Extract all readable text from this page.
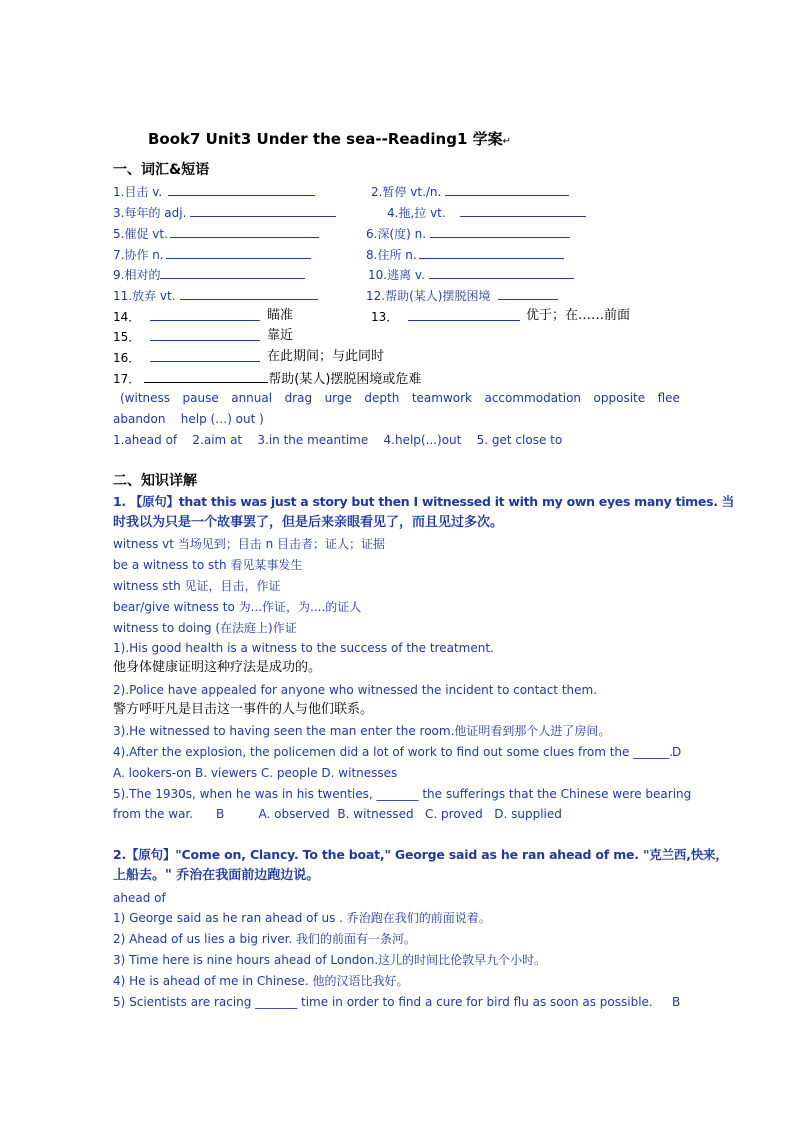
Book7 Unit3 Under the sea--Reading1 学案↵
一、词汇&短语
1.目击 v.	2.暂停 vt./n.
3.每年的 adj.	4.拖,拉 vt.
5.催促 vt.	6.深(度) n.
7.协作 n.	8.住所 n.
9.相对的	10.逃离 v.
11.放弃 vt.	12.帮助(某人)摆脱困境
14．	瞄准	13．	优于；在……前面
15．	靠近
16．	在此期间；与此同时
17．	帮助(某人)摆脱困境或危难
(witness pause annual drag urge depth teamwork accommodation opposite flee
abandon    help (…) out )
1.ahead of 2.aim at 3.in the meantime 4.help(...)out 5. get close to
二、知识详解
1. 【原句】that this was just a story but then I witnessed it with my own eyes many times. 当
时我以为只是一个故事罢了，但是后来亲眼看见了，而且见过多次。
witness vt 当场见到；目击 n 目击者；证人；证据
be a witness to sth 看见某事发生
witness sth 见证，目击，作证
bear/give witness to 为...作证，为....的证人
witness to doing (在法庭上)作证
1).His good health is a witness to the success of the treatment.
他身体健康证明这种疗法是成功的。
2).Police have appealed for anyone who witnessed the incident to contact them.
警方呼吁凡是目击这一事件的人与他们联系。
3).He witnessed to having seen the man enter the room.他证明看到那个人进了房间。
4).After the explosion, the policemen did a lot of work to find out some clues from the ______.
D
A. lookers-on B. viewers C. people D. witnesses
5).The 1930s, when he was in his twenties, _______ the sufferings that the Chinese were bearing
from the war.      B         A. observed  B. witnessed   C. proved   D. supplied
2.【原句】"Come on, Clancy. To the boat," George said as he ran ahead of me. "克兰西,快来，
上船去。" 乔治在我面前边跑边说。
ahead of
1) George said as he ran ahead of us . 乔治跑在我们的前面说着。
2) Ahead of us lies a big river. 我们的前面有一条河。
3) Time here is nine hours ahead of London.这儿的时间比伦敦早九个小时。
4) He is ahead of me in Chinese. 他的汉语比我好。
5) Scientists are racing _______ time in order to find a cure for bird flu as soon as possible. B
